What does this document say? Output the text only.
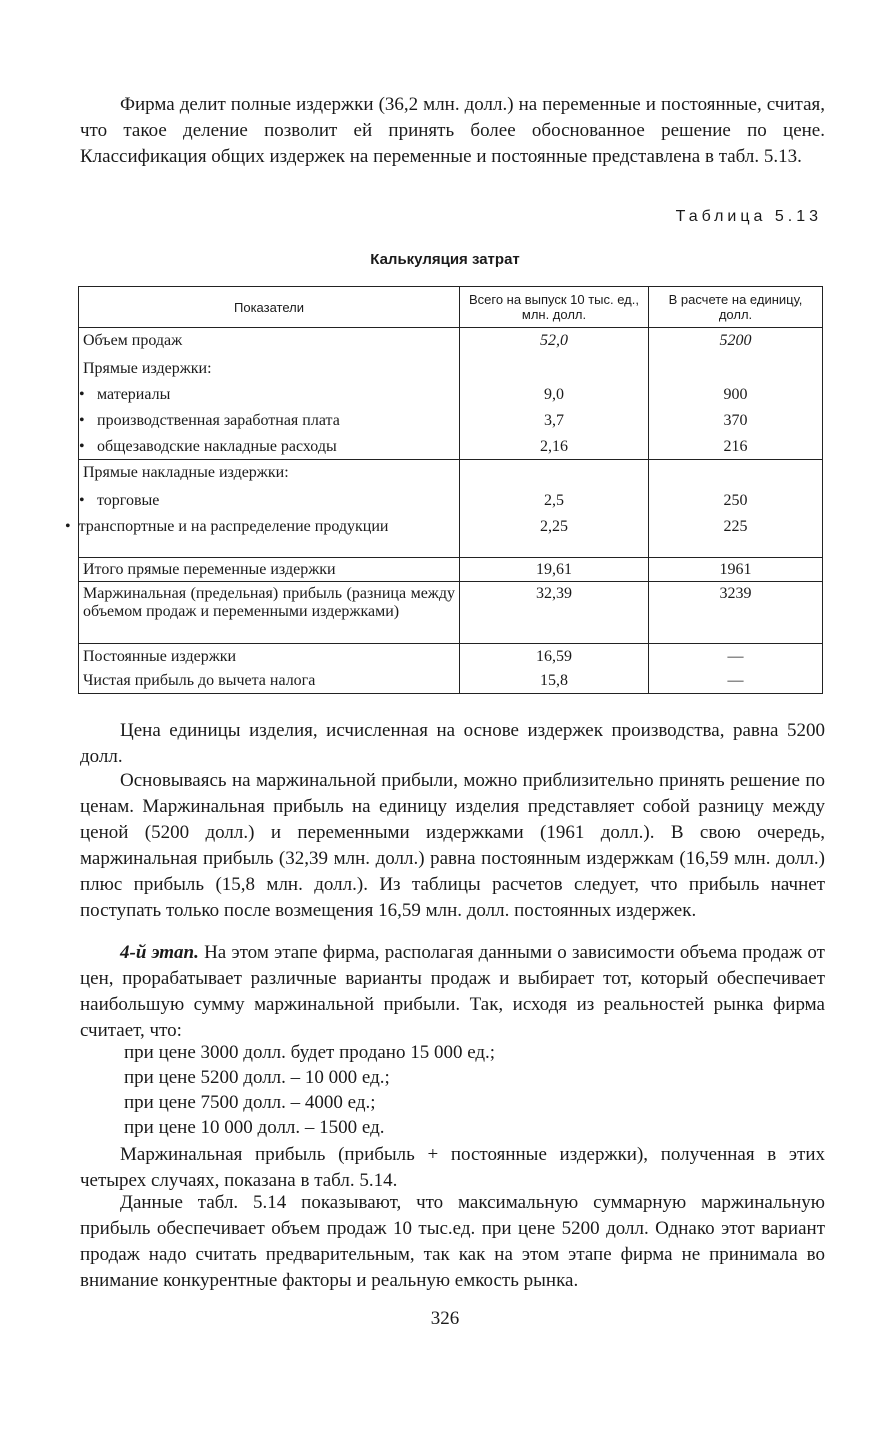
Фирма делит полные издержки (36,2 млн. долл.) на переменные и постоянные, считая, что такое деление позволит ей принять более обоснованное решение по цене. Классификация общих издержек на переменные и постоянные представлена в табл. 5.13.

Таблица 5.13
Калькуляция затрат
Показатели	Всего на выпуск 10 тыс. ед., млн. долл.	В расчете на единицу, долл.
Объем продаж	52,0	5200
Прямые издержки:		
• материалы	9,0	900
• производственная заработная плата	3,7	370
• общезаводские накладные расходы	2,16	216
Прямые накладные издержки:		
• торговые	2,5	250
•  транспортные и на распределение продукции	2,25	225
Итого прямые переменные издержки	19,61	1961
Маржинальная (предельная) прибыль (разница между объемом продаж и переменными издержками)	32,39	3239
Постоянные издержки	16,59	—
Чистая прибыль до вычета налога	15,8	—

Цена единицы изделия, исчисленная на основе издержек производства, равна 5200 долл.

Основываясь на маржинальной прибыли, можно приблизительно принять решение по ценам. Маржинальная прибыль на единицу изделия представляет собой разницу между ценой (5200 долл.) и переменными издержками (1961 долл.). В свою очередь, маржинальная прибыль (32,39 млн. долл.) равна постоянным издержкам (16,59 млн. долл.) плюс прибыль (15,8 млн. долл.). Из таблицы расчетов следует, что прибыль начнет поступать только после возмещения 16,59 млн. долл. постоянных издержек.

4-й этап. На этом этапе фирма, располагая данными о зависимости объема продаж от цен, прорабатывает различные варианты продаж и выбирает тот, который обеспечивает наибольшую сумму маржинальной прибыли. Так, исходя из реальностей рынка фирма считает, что:

при цене 3000 долл. будет продано 15 000 ед.;
при цене 5200 долл. – 10 000 ед.;
при цене 7500 долл. – 4000 ед.;
при цене 10 000 долл. – 1500 ед.

Маржинальная прибыль (прибыль + постоянные издержки), полученная в этих четырех случаях, показана в табл. 5.14.

Данные табл. 5.14 показывают, что максимальную суммарную маржинальную прибыль обеспечивает объем продаж 10 тыс.ед. при цене 5200 долл. Однако этот вариант продаж надо считать предварительным, так как на этом этапе фирма не принимала во внимание конкурентные факторы и реальную емкость рынка.

326
